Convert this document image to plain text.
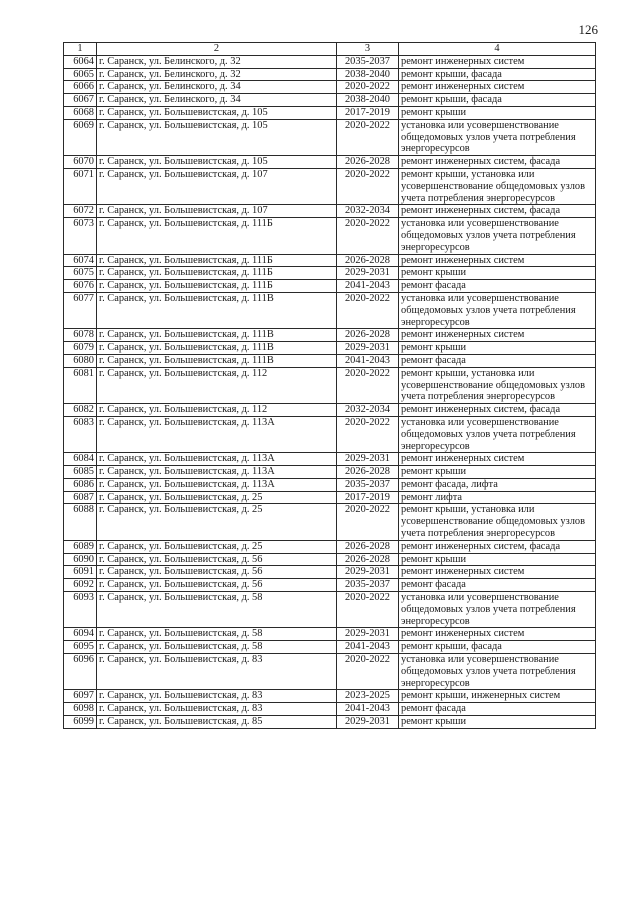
126
1	2	3	4
6064	г. Саранск, ул. Белинского, д. 32	2035-2037	ремонт инженерных систем
6065	г. Саранск, ул. Белинского, д. 32	2038-2040	ремонт крыши, фасада
6066	г. Саранск, ул. Белинского, д. 34	2020-2022	ремонт инженерных систем
6067	г. Саранск, ул. Белинского, д. 34	2038-2040	ремонт крыши, фасада
6068	г. Саранск, ул. Большевистская, д. 105	2017-2019	ремонт крыши
6069	г. Саранск, ул. Большевистская, д. 105	2020-2022	установка или усовершенствование общедомовых узлов учета потребления энергоресурсов
6070	г. Саранск, ул. Большевистская, д. 105	2026-2028	ремонт инженерных систем, фасада
6071	г. Саранск, ул. Большевистская, д. 107	2020-2022	ремонт крыши, установка или усовершенствование общедомовых узлов учета потребления энергоресурсов
6072	г. Саранск, ул. Большевистская, д. 107	2032-2034	ремонт инженерных систем, фасада
6073	г. Саранск, ул. Большевистская, д. 111Б	2020-2022	установка или усовершенствование общедомовых узлов учета потребления энергоресурсов
6074	г. Саранск, ул. Большевистская, д. 111Б	2026-2028	ремонт инженерных систем
6075	г. Саранск, ул. Большевистская, д. 111Б	2029-2031	ремонт крыши
6076	г. Саранск, ул. Большевистская, д. 111Б	2041-2043	ремонт фасада
6077	г. Саранск, ул. Большевистская, д. 111В	2020-2022	установка или усовершенствование общедомовых узлов учета потребления энергоресурсов
6078	г. Саранск, ул. Большевистская, д. 111В	2026-2028	ремонт инженерных систем
6079	г. Саранск, ул. Большевистская, д. 111В	2029-2031	ремонт крыши
6080	г. Саранск, ул. Большевистская, д. 111В	2041-2043	ремонт фасада
6081	г. Саранск, ул. Большевистская, д. 112	2020-2022	ремонт крыши, установка или усовершенствование общедомовых узлов учета потребления энергоресурсов
6082	г. Саранск, ул. Большевистская, д. 112	2032-2034	ремонт инженерных систем, фасада
6083	г. Саранск, ул. Большевистская, д. 113А	2020-2022	установка или усовершенствование общедомовых узлов учета потребления энергоресурсов
6084	г. Саранск, ул. Большевистская, д. 113А	2029-2031	ремонт инженерных систем
6085	г. Саранск, ул. Большевистская, д. 113А	2026-2028	ремонт крыши
6086	г. Саранск, ул. Большевистская, д. 113А	2035-2037	ремонт фасада, лифта
6087	г. Саранск, ул. Большевистская, д. 25	2017-2019	ремонт лифта
6088	г. Саранск, ул. Большевистская, д. 25	2020-2022	ремонт крыши, установка или усовершенствование общедомовых узлов учета потребления энергоресурсов
6089	г. Саранск, ул. Большевистская, д. 25	2026-2028	ремонт инженерных систем, фасада
6090	г. Саранск, ул. Большевистская, д. 56	2026-2028	ремонт крыши
6091	г. Саранск, ул. Большевистская, д. 56	2029-2031	ремонт инженерных систем
6092	г. Саранск, ул. Большевистская, д. 56	2035-2037	ремонт фасада
6093	г. Саранск, ул. Большевистская, д. 58	2020-2022	установка или усовершенствование общедомовых узлов учета потребления энергоресурсов
6094	г. Саранск, ул. Большевистская, д. 58	2029-2031	ремонт инженерных систем
6095	г. Саранск, ул. Большевистская, д. 58	2041-2043	ремонт крыши, фасада
6096	г. Саранск, ул. Большевистская, д. 83	2020-2022	установка или усовершенствование общедомовых узлов учета потребления энергоресурсов
6097	г. Саранск, ул. Большевистская, д. 83	2023-2025	ремонт крыши, инженерных систем
6098	г. Саранск, ул. Большевистская, д. 83	2041-2043	ремонт фасада
6099	г. Саранск, ул. Большевистская, д. 85	2029-2031	ремонт крыши
